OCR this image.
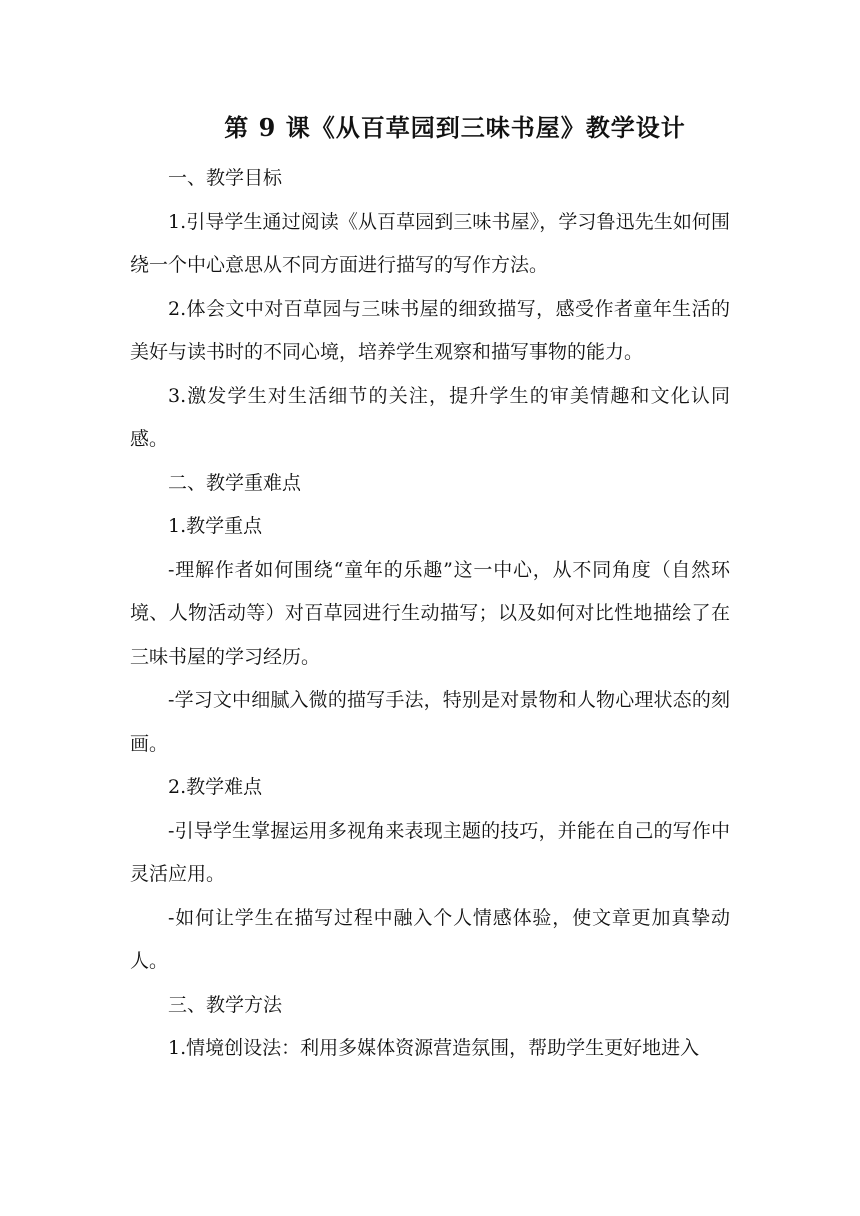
第 9 课《从百草园到三味书屋》教学设计

一、教学目标

1.引导学生通过阅读《从百草园到三味书屋》，学习鲁迅先生如何围绕一个中心意思从不同方面进行描写的写作方法。

2.体会文中对百草园与三味书屋的细致描写，感受作者童年生活的美好与读书时的不同心境，培养学生观察和描写事物的能力。

3.激发学生对生活细节的关注，提升学生的审美情趣和文化认同感。

二、教学重难点

1.教学重点

-理解作者如何围绕“童年的乐趣”这一中心，从不同角度（自然环境、人物活动等）对百草园进行生动描写；以及如何对比性地描绘了在三味书屋的学习经历。

-学习文中细腻入微的描写手法，特别是对景物和人物心理状态的刻画。

2.教学难点

-引导学生掌握运用多视角来表现主题的技巧，并能在自己的写作中灵活应用。

-如何让学生在描写过程中融入个人情感体验，使文章更加真挚动人。

三、教学方法

1.情境创设法：利用多媒体资源营造氛围，帮助学生更好地进入
